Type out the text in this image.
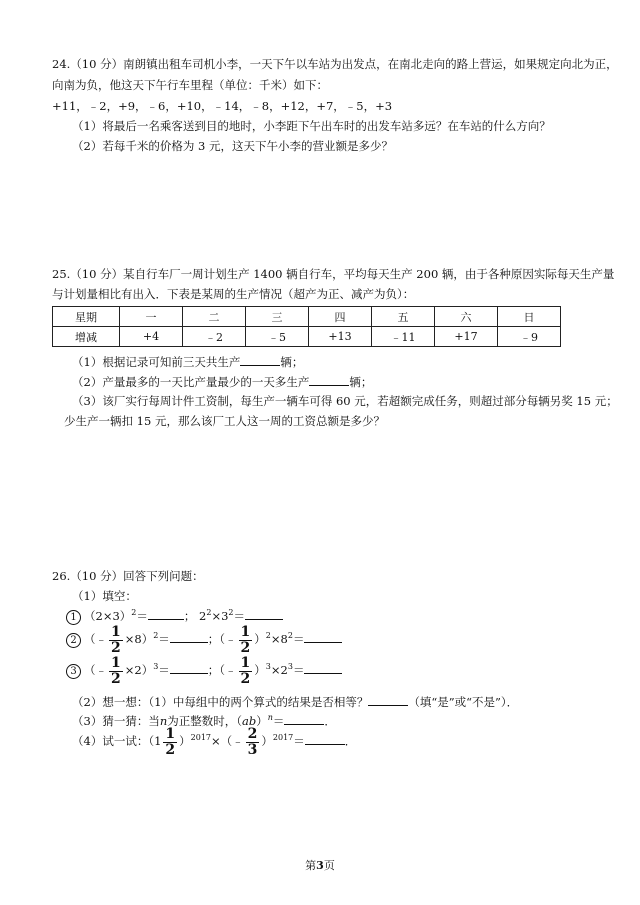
24.（10 分）南朗镇出租车司机小李，一天下午以车站为出发点，在南北走向的路上营运，如果规定向北为正，
向南为负，他这天下午行车里程（单位：千米）如下：
+11，﹣2，+9，﹣6，+10，﹣14，﹣8，+12，+7，﹣5，+3
（1）将最后一名乘客送到目的地时，小李距下午出车时的出发车站多远？在车站的什么方向？
（2）若每千米的价格为 3 元，这天下午小李的营业额是多少？
25.（10 分）某自行车厂一周计划生产 1400 辆自行车，平均每天生产 200 辆，由于各种原因实际每天生产量
与计划量相比有出入．下表是某周的生产情况（超产为正、减产为负）：
星期	一	二	三	四	五	六	日
增减	+4	﹣2	﹣5	+13	﹣11	+17	﹣9
（1）根据记录可知前三天共生产	辆；
（2）产量最多的一天比产量最少的一天多生产	辆；
（3）该厂实行每周计件工资制，每生产一辆车可得 60 元，若超额完成任务，则超过部分每辆另奖 15 元；
少生产一辆扣 15 元，那么该厂工人这一周的工资总额是多少？
26.（10 分）回答下列问题：
（1）填空：
1 $(2\times 3)^2=$	； $2^2\times 3^2=$
2 （﹣ $\frac{1}{2} \times 8)^2=$	；（﹣ $\frac{1}{2} )^2\times 8^2=$
3 （﹣ $\frac{1}{2} \times 2)^3=$	；（﹣ $\frac{1}{2} )^3\times 2^3=$
（2）想一想：（1）中每组中的两个算式的结果是否相等？	（填“是”或“不是”）．
（3）猜一猜：当n为正整数时，（ab）$^n$＝	．
（4）试一试：（$1 \frac{1}{2}$ ）$^{2017}$×（﹣ $\frac{2}{3} )^{2017}=$	．
第3页
